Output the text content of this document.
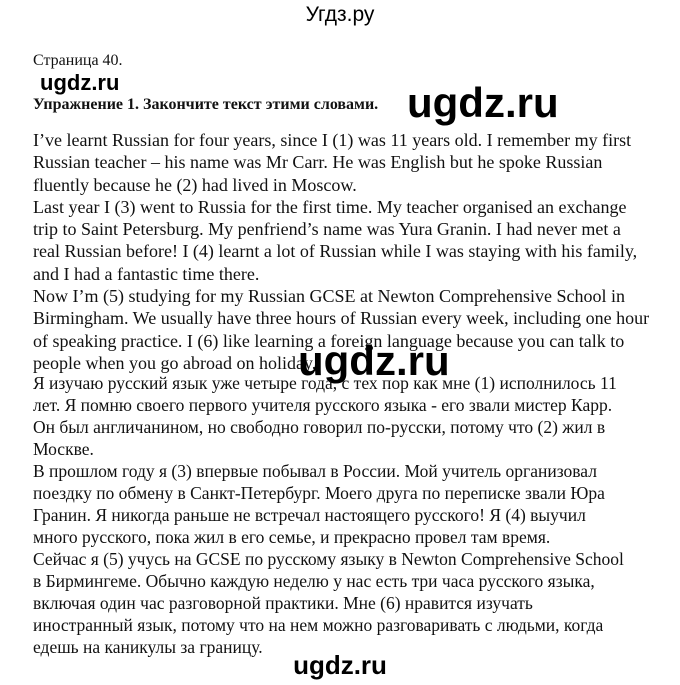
Угдз.ру
Страница 40.
ugdz.ru
Упражнение 1. Закончите текст этими словами. ugdz.ru
I’ve learnt Russian for four years, since I (1) was 11 years old. I remember my first
Russian teacher – his name was Mr Carr. He was English but he spoke Russian
fluently because he (2) had lived in Moscow.
Last year I (3) went to Russia for the first time. My teacher organised an exchange
trip to Saint Petersburg. My penfriend’s name was Yura Granin. I had never met a
real Russian before! I (4) learnt a lot of Russian while I was staying with his family,
and I had a fantastic time there.
Now I’m (5) studying for my Russian GCSE at Newton Comprehensive School in
Birmingham. We usually have three hours of Russian every week, including one hour
of speaking practice. I (6) like learning a foreign language because you can talk to
people when you go abroad on holiday.
ugdz.ru
Я изучаю русский язык уже четыре года, с тех пор как мне (1) исполнилось 11
лет. Я помню своего первого учителя русского языка - его звали мистер Карр.
Он был англичанином, но свободно говорил по-русски, потому что (2) жил в
Москве.
В прошлом году я (3) впервые побывал в России. Мой учитель организовал
поездку по обмену в Санкт-Петербург. Моего друга по переписке звали Юра
Гранин. Я никогда раньше не встречал настоящего русского! Я (4) выучил
много русского, пока жил в его семье, и прекрасно провел там время.
Сейчас я (5) учусь на GCSE по русскому языку в Newton Comprehensive School
в Бирмингеме. Обычно каждую неделю у нас есть три часа русского языка,
включая один час разговорной практики. Мне (6) нравится изучать
иностранный язык, потому что на нем можно разговаривать с людьми, когда
едешь на каникулы за границу.
ugdz.ru
